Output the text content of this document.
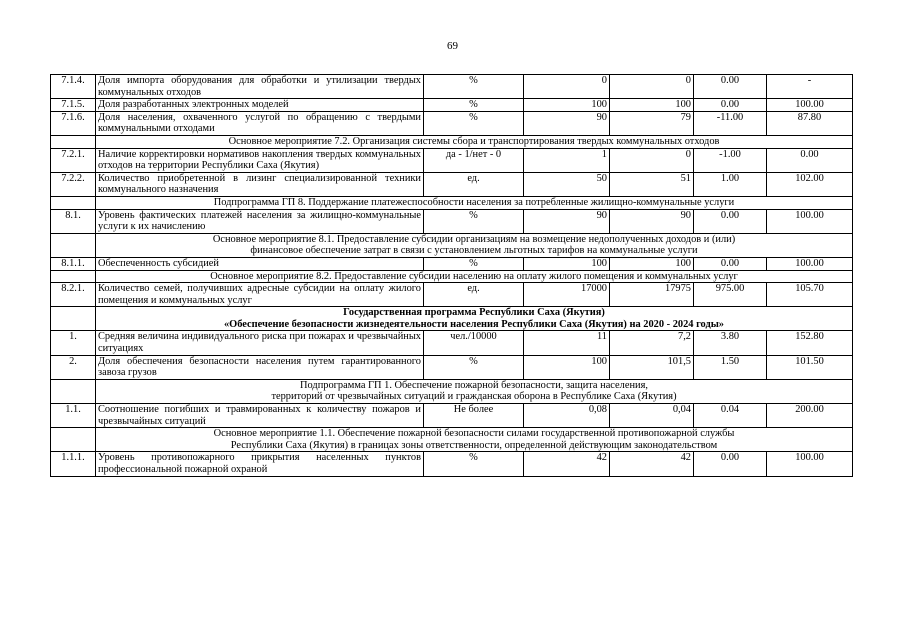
69
7.1.4.	Доля импорта оборудования для обработки и утилизации твердых коммунальных отходов	%	0	0	0.00	-
7.1.5.	Доля разработанных электронных моделей	%	100	100	0.00	100.00
7.1.6.	Доля населения, охваченного услугой по обращению с твердыми коммунальными отходами	%	90	79	-11.00	87.80

	Основное мероприятие 7.2. Организация системы сбора и транспортирования твердых коммунальных отходов					

7.2.1.	Наличие корректировки нормативов накопления твердых коммунальных отходов на территории Республики Саха (Якутия)	да - 1/нет - 0	1	0	-1.00	0.00
7.2.2.	Количество приобретенной в лизинг специализированной техники коммунального назначения	ед.	50	51	1.00	102.00

	Подпрограмма ГП 8. Поддержание платежеспособности населения за потребленные жилищно-коммунальные услуги					

8.1.	Уровень фактических платежей населения за жилищно-коммунальные услуги к их начислению	%	90	90	0.00	100.00

	Основное мероприятие 8.1. Предоставление субсидии организациям на возмещение недополученных доходов и (или)
финансовое обеспечение затрат в связи с установлением льготных тарифов на коммунальные услуги					

8.1.1.	Обеспеченность субсидией	%	100	100	0.00	100.00

	Основное мероприятие 8.2. Предоставление субсидии населению на оплату жилого помещения и коммунальных услуг					

8.2.1.	Количество семей, получивших адресные субсидии на оплату жилого помещения и коммунальных услуг	ед.	17000	17975	975.00	105.70

	Государственная программа Республики Саха (Якутия)
«Обеспечение безопасности жизнедеятельности населения Республики Саха (Якутия) на 2020 - 2024 годы»					

1.	Средняя величина индивидуального риска при пожарах и чрезвычайных ситуациях	чел./10000	11	7,2	3.80	152.80
2.	Доля обеспечения безопасности населения путем гарантированного завоза грузов	%	100	101,5	1.50	101.50

	Подпрограмма ГП 1. Обеспечение пожарной безопасности, защита населения,
территорий от чрезвычайных ситуаций и гражданская оборона в Республике Саха (Якутия)					

1.1.	Соотношение погибших и травмированных к количеству пожаров и чрезвычайных ситуаций	Не более	0,08	0,04	0.04	200.00

	Основное мероприятие 1.1. Обеспечение пожарной безопасности силами государственной противопожарной службы
Республики Саха (Якутия) в границах зоны ответственности, определенной действующим законодательством					

1.1.1.	Уровень противопожарного прикрытия населенных пунктов профессиональной пожарной охраной	%	42	42	0.00	100.00
